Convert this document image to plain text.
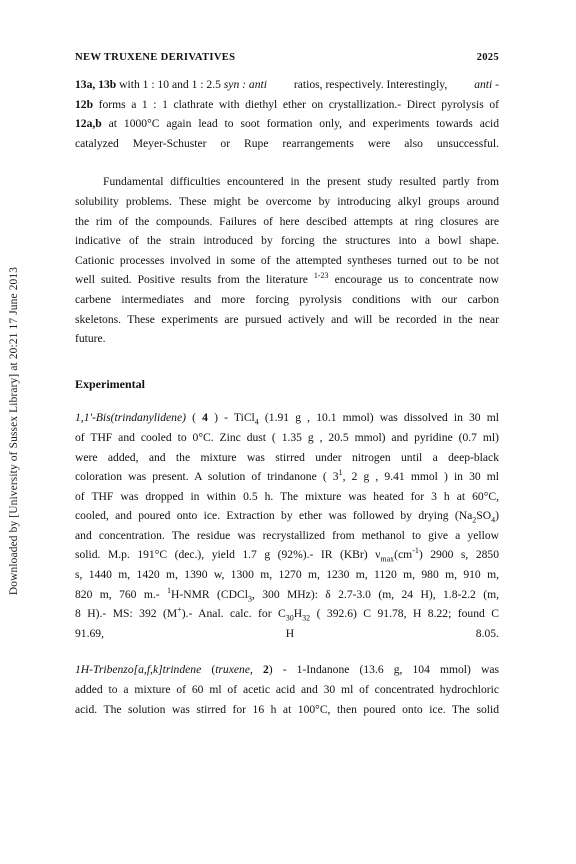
Downloaded by [University of Sussex Library] at 20:21 17 June 2013
NEW TRUXENE DERIVATIVES	2025
13a, 13b with 1 : 10 and 1 : 2.5 syn : anti ratios, respectively. Interestingly, anti -
12b forms a 1 : 1 clathrate with diethyl ether on crystallization.- Direct pyrolysis of
12a,b at 1000°C again lead to soot formation only, and experiments towards acid
catalyzed Meyer-Schuster or Rupe rearrangements were also unsuccessful.
Fundamental difficulties encountered in the present study resulted partly from
solubility problems. These might be overcome by introducing alkyl groups around
the rim of the compounds. Failures of here descibed attempts at ring closures are
indicative of the strain introduced by forcing the structures into a bowl shape.
Cationic processes involved in some of the attempted syntheses turned out to be not
well suited. Positive results from the literature $^{1-23}$ encourage us to concentrate now
carbene intermediates and more forcing pyrolysis conditions with our carbon
skeletons. These experiments are pursued actively and will be recorded in the near
future.

Experimental

1,1'-Bis(trindanylidene) ( 4 ) - TiCl$_4$ (1.91 g , 10.1 mmol) was dissolved in 30 ml
of THF and cooled to 0°C. Zinc dust ( 1.35 g , 20.5 mmol) and pyridine (0.7 ml)
were added, and the mixture was stirred under nitrogen until a deep-black
coloration was present. A solution of trindanone ( $3^1$, 2 g , 9.41 mmol ) in 30 ml
of THF was dropped in within 0.5 h. The mixture was heated for 3 h at 60°C,
cooled, and poured onto ice. Extraction by ether was followed by drying $(Na_2SO_4)$
and concentration. The residue was recrystallized from methanol to give a yellow
solid. M.p. 191°C (dec.), yield 1.7 g (92%).- IR (KBr) $\nu_{max}(cm^{-1})$ 2900 s, 2850
s, 1440 m, 1420 m, 1390 w, 1300 m, 1270 m, 1230 m, 1120 m, 980 m, 910 m,
820 m, 760 m.- $^1$H-NMR (CDCl$_3$, 300 MHz): δ 2.7-3.0 (m, 24 H), 1.8-2.2 (m,
8 H).- MS: 392 (M+).- Anal. calc. for $C_{30}H_{32}$ ( 392.6) C 91.78, H 8.22; found C
91.69, H 8.05.
1H-Tribenzo[a,f,k]trindene (truxene, 2) - 1-Indanone (13.6 g, 104 mmol) was
added to a mixture of 60 ml of acetic acid and 30 ml of concentrated hydrochloric
acid. The solution was stirred for 16 h at 100°C, then poured onto ice. The solid
